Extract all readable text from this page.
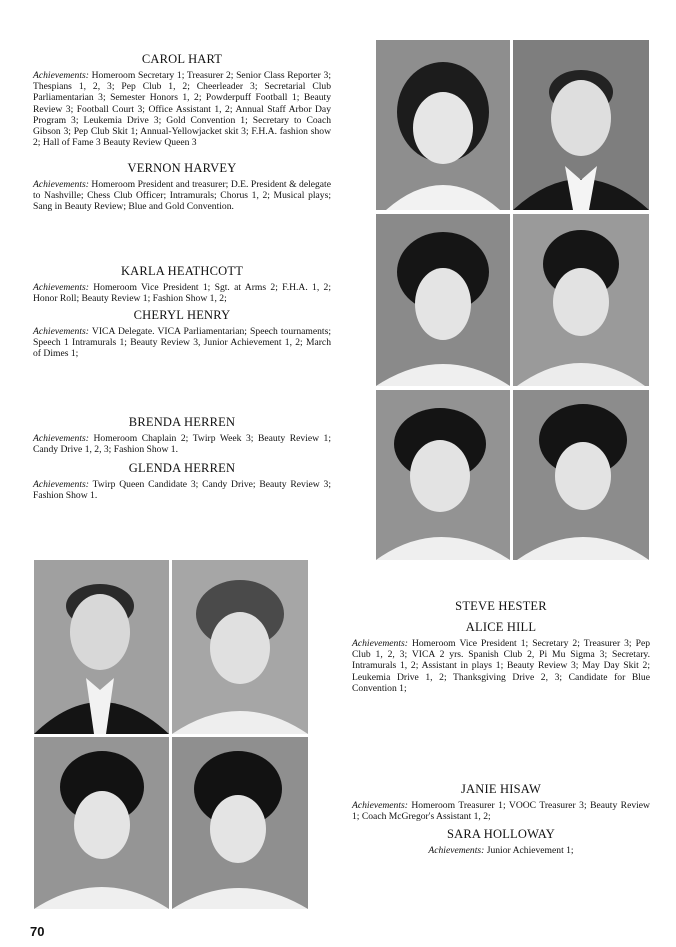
CAROL HART

Achievements: Homeroom Secretary 1; Treasurer 2; Senior Class Reporter 3; Thespians 1, 2, 3; Pep Club 1, 2; Cheerleader 3; Secretarial Club Parliamentarian 3; Semester Honors 1, 2; Powderpuff Football 1; Beauty Review 3; Football Court 3; Office Assistant 1, 2; Annual Staff Arbor Day Program 3; Leukemia Drive 3; Gold Convention 1; Secretary to Coach Gibson 3; Pep Club Skit 1; Annual-Yellowjacket skit 3; F.H.A. fashion show 2; Hall of Fame 3 Beauty Review Queen 3

VERNON HARVEY

Achievements: Homeroom President and treasurer; D.E. President & delegate to Nashville; Chess Club Officer; Intramurals; Chorus 1, 2; Musical plays; Sang in Beauty Review; Blue and Gold Convention.

KARLA HEATHCOTT

Achievements: Homeroom Vice President 1; Sgt. at Arms 2; F.H.A. 1, 2; Honor Roll; Beauty Review 1; Fashion Show 1, 2;

CHERYL HENRY

Achievements: VICA Delegate. VICA Parliamentarian; Speech tournaments; Speech 1 Intramurals 1; Beauty Review 3, Junior Achievement 1, 2; March of Dimes 1;

BRENDA HERREN

Achievements: Homeroom Chaplain 2; Twirp Week 3; Beauty Review 1; Candy Drive 1, 2, 3; Fashion Show 1.

GLENDA HERREN

Achievements: Twirp Queen Candidate 3; Candy Drive; Beauty Review 3; Fashion Show 1.

STEVE HESTER
ALICE HILL

Achievements: Homeroom Vice President 1; Secretary 2; Treasurer 3; Pep Club 1, 2, 3; VICA 2 yrs. Spanish Club 2, Pi Mu Sigma 3; Secretary. Intramurals 1, 2; Assistant in plays 1; Beauty Review 3; May Day Skit 2; Leukemia Drive 1, 2; Thanksgiving Drive 2, 3; Candidate for Blue Convention 1;

JANIE HISAW

Achievements: Homeroom Treasurer 1; VOOC Treasurer 3; Beauty Review 1; Coach McGregor's Assistant 1, 2;

SARA HOLLOWAY

Achievements: Junior Achievement 1;

70
